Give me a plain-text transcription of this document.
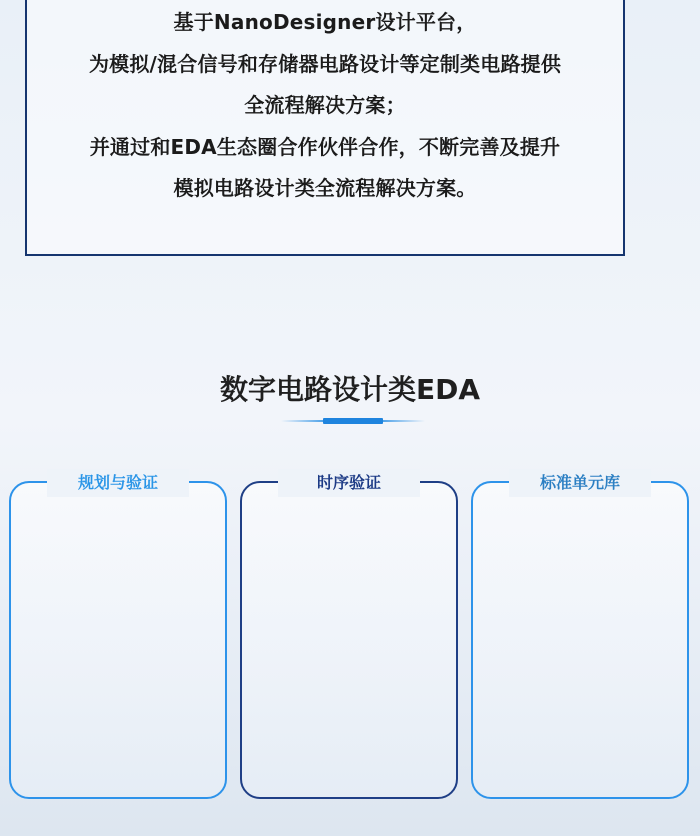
基于NanoDesigner设计平台，
为模拟/混合信号和存储器电路设计等定制类电路提供
全流程解决方案；
并通过和EDA生态圈合作伙伴合作，不断完善及提升
模拟电路设计类全流程解决方案。
数字电路设计类EDA
规划与验证	时序验证	标准单元库
